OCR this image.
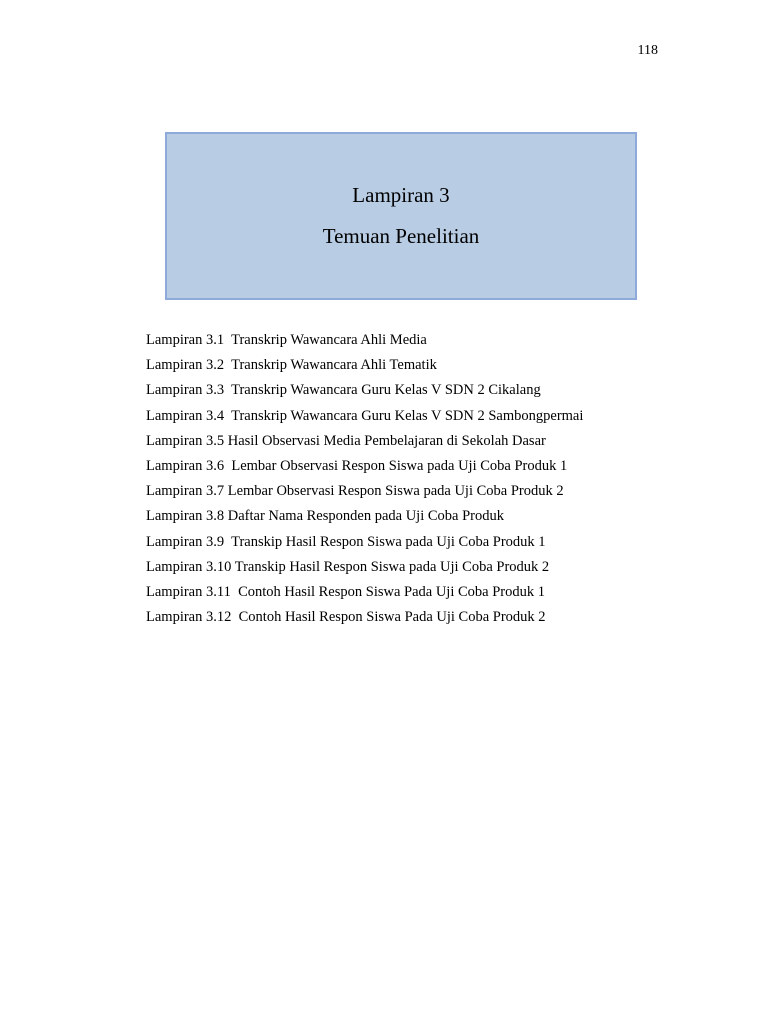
118
Lampiran 3
Temuan Penelitian
Lampiran 3.1  Transkrip Wawancara Ahli Media
Lampiran 3.2  Transkrip Wawancara Ahli Tematik
Lampiran 3.3  Transkrip Wawancara Guru Kelas V SDN 2 Cikalang
Lampiran 3.4  Transkrip Wawancara Guru Kelas V SDN 2 Sambongpermai
Lampiran 3.5 Hasil Observasi Media Pembelajaran di Sekolah Dasar
Lampiran 3.6  Lembar Observasi Respon Siswa pada Uji Coba Produk 1
Lampiran 3.7 Lembar Observasi Respon Siswa pada Uji Coba Produk 2
Lampiran 3.8 Daftar Nama Responden pada Uji Coba Produk
Lampiran 3.9  Transkip Hasil Respon Siswa pada Uji Coba Produk 1
Lampiran 3.10 Transkip Hasil Respon Siswa pada Uji Coba Produk 2
Lampiran 3.11  Contoh Hasil Respon Siswa Pada Uji Coba Produk 1
Lampiran 3.12  Contoh Hasil Respon Siswa Pada Uji Coba Produk 2
